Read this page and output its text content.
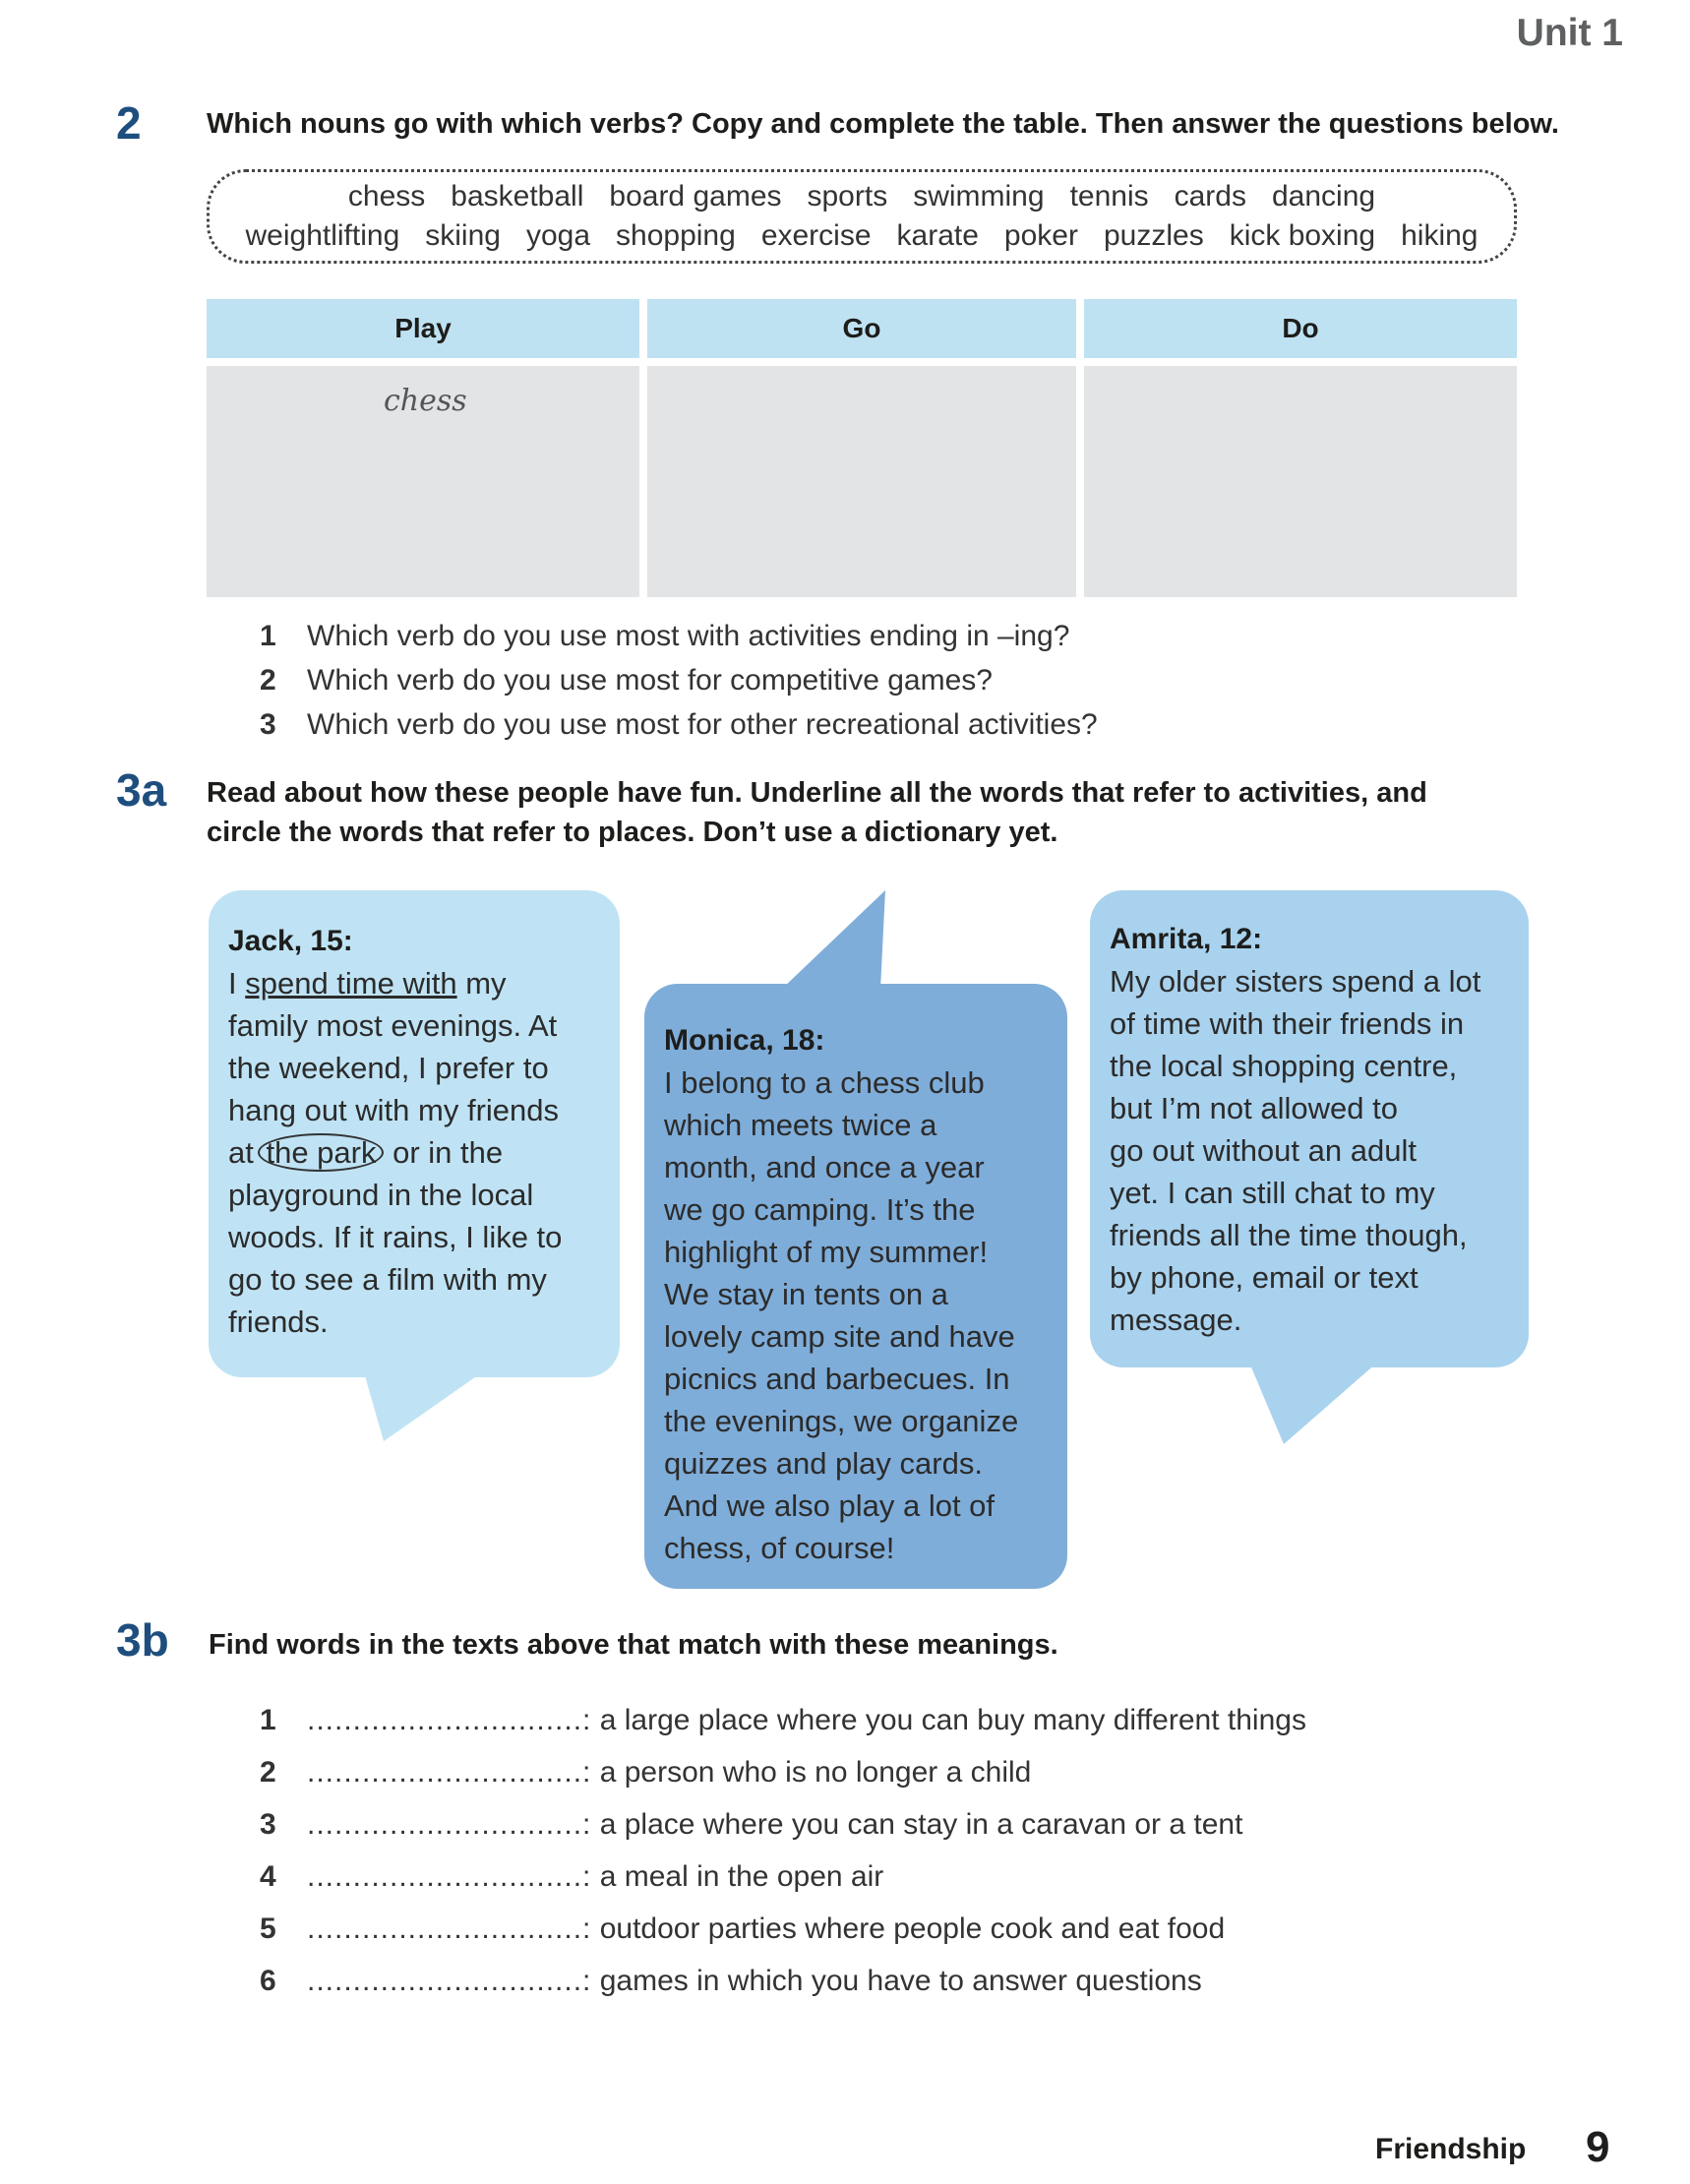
Unit 1
2 Which nouns go with which verbs? Copy and complete the table. Then answer the questions below.
chess basketball board games sports swimming tennis cards dancing
weightlifting skiing yoga shopping exercise karate poker puzzles kick boxing hiking
Play	Go	Do
chess
1 Which verb do you use most with activities ending in –ing?
2 Which verb do you use most for competitive games?
3 Which verb do you use most for other recreational activities?
3a Read about how these people have fun. Underline all the words that refer to activities, and
circle the words that refer to places. Don’t use a dictionary yet.

Jack, 15:

I spend time with my

family most evenings. At

the weekend, I prefer to

hang out with my friends

at the park or in the

playground in the local

woods. If it rains, I like to

go to see a film with my

friends.

Monica, 18:

I belong to a chess club

which meets twice a

month, and once a year

we go camping. It’s the

highlight of my summer!

We stay in tents on a

lovely camp site and have

picnics and barbecues. In

the evenings, we organize

quizzes and play cards.

And we also play a lot of

chess, of course!

Amrita, 12:

My older sisters spend a lot

of time with their friends in

the local shopping centre,

but I’m not allowed to

go out without an adult

yet. I can still chat to my

friends all the time though,

by phone, email or text

message.

3b Find words in the texts above that match with these meanings.
1 ..............................: a large place where you can buy many different things
2 ..............................: a person who is no longer a child
3 ..............................: a place where you can stay in a caravan or a tent
4 ..............................: a meal in the open air
5 ..............................: outdoor parties where people cook and eat food
6 ..............................: games in which you have to answer questions
Friendship 9
